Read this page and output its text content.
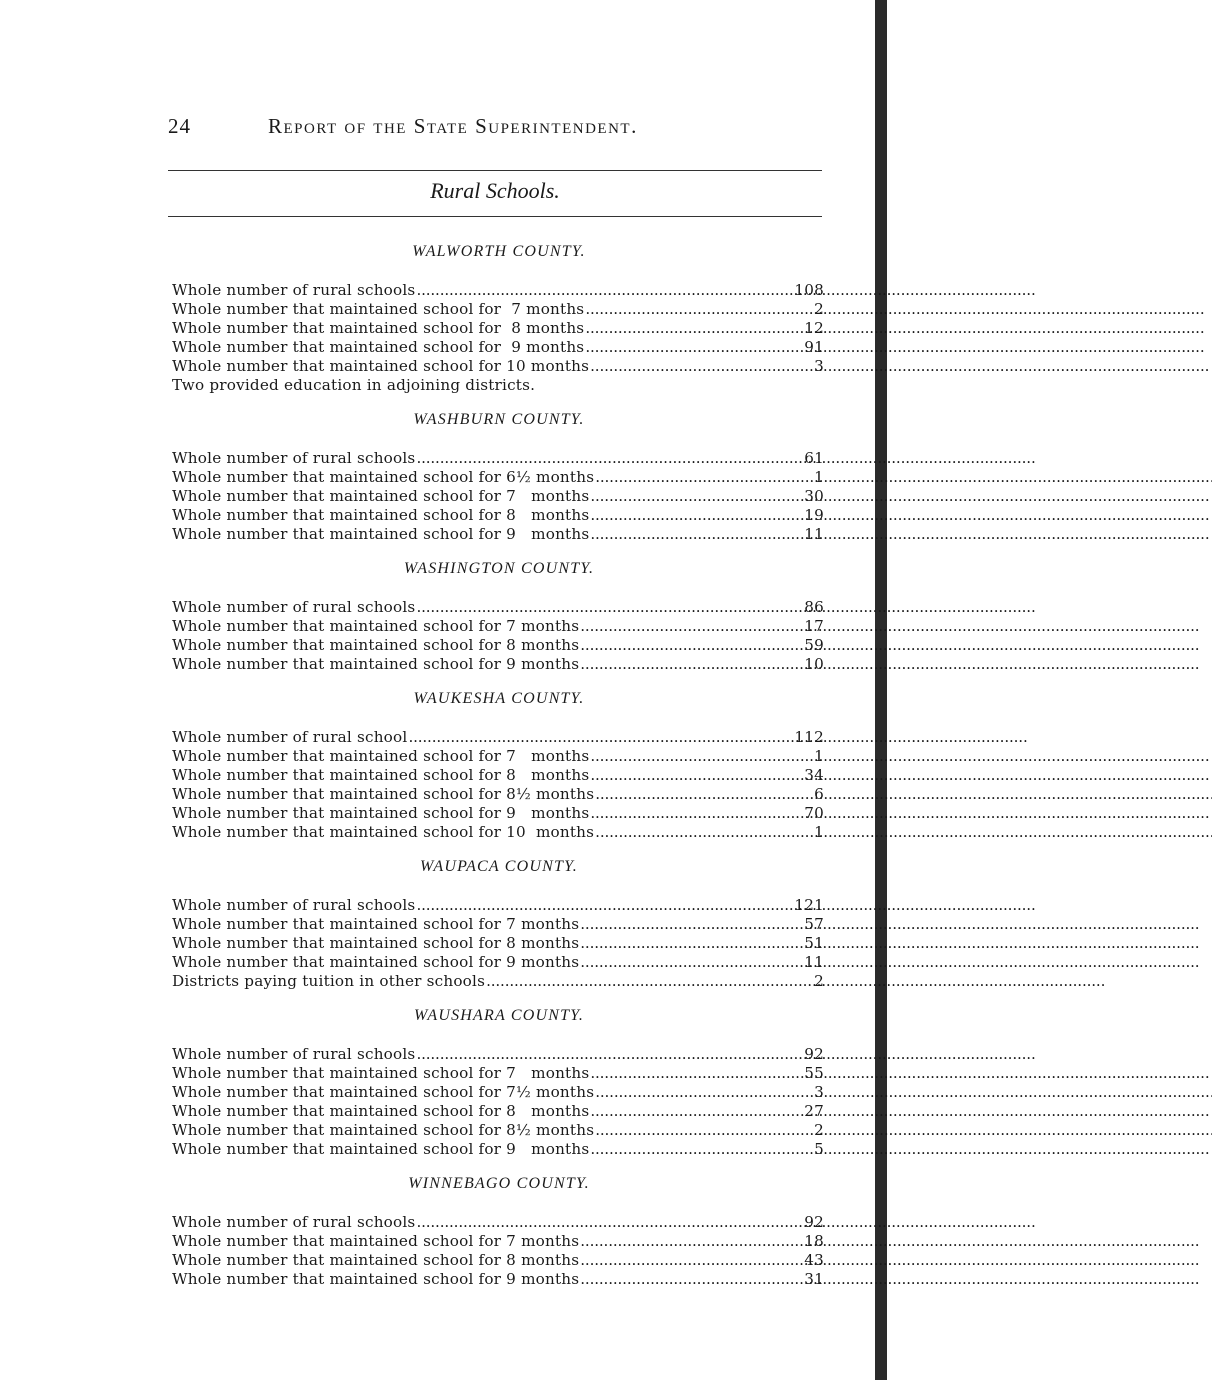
24	Report of the State Superintendent.
Rural Schools.
WALWORTH COUNTY.
Whole number of rural schools . . .	108
Whole number that maintained school for  7 months . . .	2
Whole number that maintained school for  8 months . . .	12
Whole number that maintained school for  9 months . . .	91
Whole number that maintained school for 10 months . . .	3
Two provided education in adjoining districts.
WASHBURN COUNTY.
Whole number of rural schools . . .	61
Whole number that maintained school for 6½ months . . .	1
Whole number that maintained school for 7   months . . .	30
Whole number that maintained school for 8   months . . .	19
Whole number that maintained school for 9   months . . .	11
WASHINGTON COUNTY.
Whole number of rural schools . . .	86
Whole number that maintained school for 7 months . . .	17
Whole number that maintained school for 8 months . . .	59
Whole number that maintained school for 9 months . . .	10
WAUKESHA COUNTY.
Whole number of rural school . . .	112
Whole number that maintained school for 7   months . . .	1
Whole number that maintained school for 8   months . . .	34
Whole number that maintained school for 8½ months . . .	6
Whole number that maintained school for 9   months . . .	70
Whole number that maintained school for 10  months . . .	1
WAUPACA COUNTY.
Whole number of rural schools . . .	121
Whole number that maintained school for 7 months . . .	57
Whole number that maintained school for 8 months . . .	51
Whole number that maintained school for 9 months . . .	11
Districts paying tuition in other schools . . .	2
WAUSHARA COUNTY.
Whole number of rural schools . . .	92
Whole number that maintained school for 7   months . . .	55
Whole number that maintained school for 7½ months . . .	3
Whole number that maintained school for 8   months . . .	27
Whole number that maintained school for 8½ months . . .	2
Whole number that maintained school for 9   months . . .	5
WINNEBAGO COUNTY.
Whole number of rural schools . . .	92
Whole number that maintained school for 7 months . . .	18
Whole number that maintained school for 8 months . . .	43
Whole number that maintained school for 9 months . . .	31
